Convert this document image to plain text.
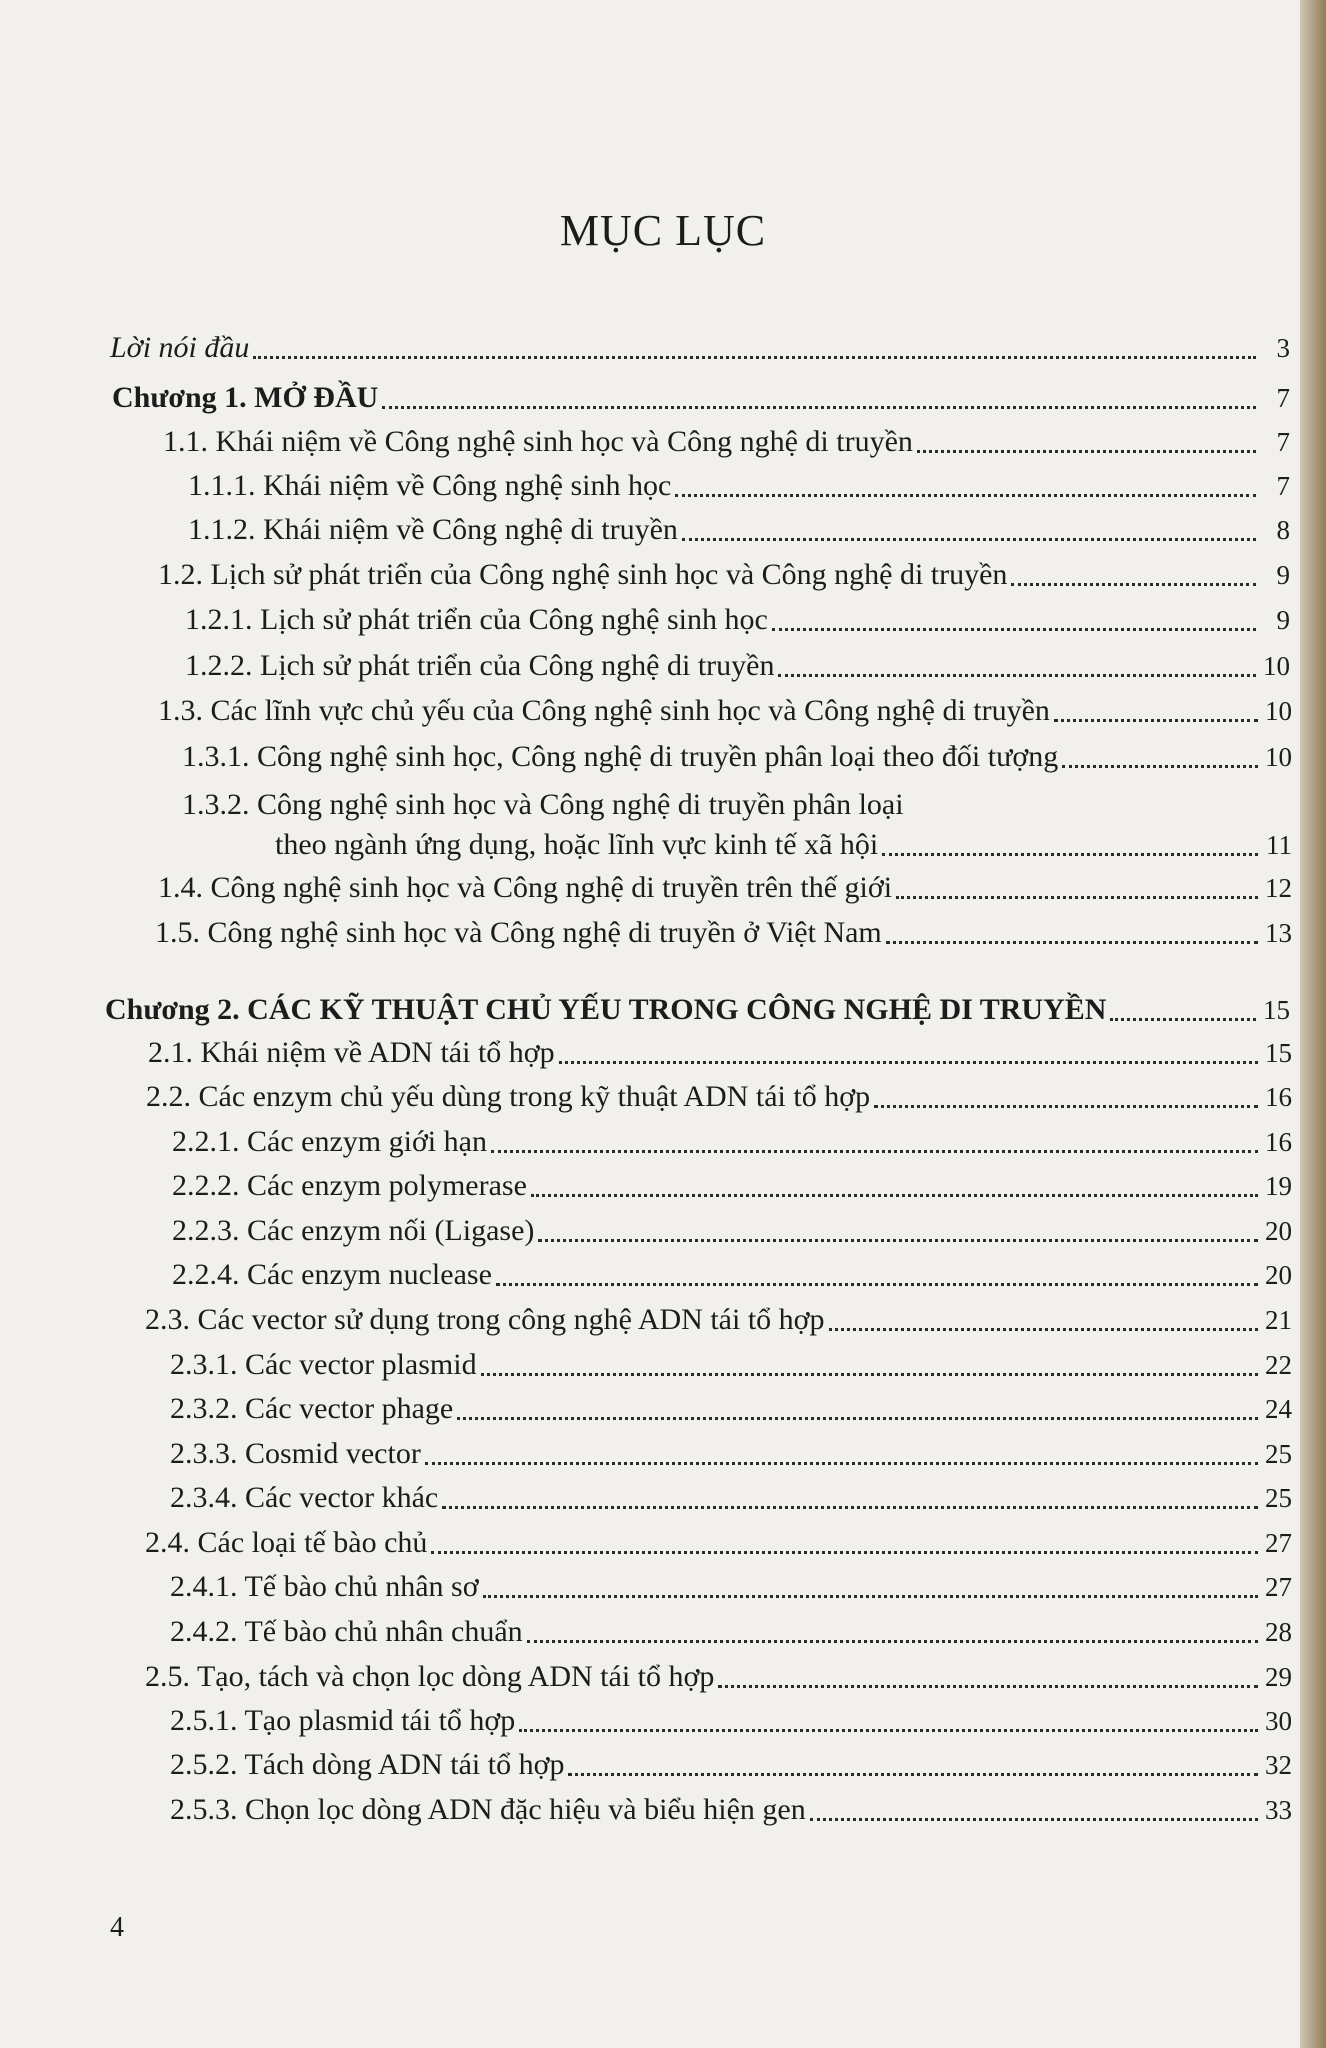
MỤC LỤC
Lời nói đầu	3
Chương 1. MỞ ĐẦU	7
1.1. Khái niệm về Công nghệ sinh học và Công nghệ di truyền	7
1.1.1. Khái niệm về Công nghệ sinh học	7
1.1.2. Khái niệm về Công nghệ di truyền	8
1.2. Lịch sử phát triển của Công nghệ sinh học và Công nghệ di truyền	9
1.2.1. Lịch sử phát triển của Công nghệ sinh học	9
1.2.2. Lịch sử phát triển của Công nghệ di truyền	10
1.3. Các lĩnh vực chủ yếu của Công nghệ sinh học và Công nghệ di truyền	10
1.3.1. Công nghệ sinh học, Công nghệ di truyền phân loại theo đối tượng	10
1.3.2. Công nghệ sinh học và Công nghệ di truyền phân loại
theo ngành ứng dụng, hoặc lĩnh vực kinh tế xã hội	11
1.4. Công nghệ sinh học và Công nghệ di truyền trên thế giới	12
1.5. Công nghệ sinh học và Công nghệ di truyền ở Việt Nam	13
Chương 2. CÁC KỸ THUẬT CHỦ YẾU TRONG CÔNG NGHỆ DI TRUYỀN	15
2.1. Khái niệm về ADN tái tổ hợp	15
2.2. Các enzym chủ yếu dùng trong kỹ thuật ADN tái tổ hợp	16
2.2.1. Các enzym giới hạn	16
2.2.2. Các enzym polymerase	19
2.2.3. Các enzym nối (Ligase)	20
2.2.4. Các enzym nuclease	20
2.3. Các vector sử dụng trong công nghệ ADN tái tổ hợp	21
2.3.1. Các vector plasmid	22
2.3.2. Các vector phage	24
2.3.3. Cosmid vector	25
2.3.4. Các vector khác	25
2.4. Các loại tế bào chủ	27
2.4.1. Tế bào chủ nhân sơ	27
2.4.2. Tế bào chủ nhân chuẩn	28
2.5. Tạo, tách và chọn lọc dòng ADN tái tổ hợp	29
2.5.1. Tạo plasmid tái tổ hợp	30
2.5.2. Tách dòng ADN tái tổ hợp	32
2.5.3. Chọn lọc dòng ADN đặc hiệu và biểu hiện gen	33
4
